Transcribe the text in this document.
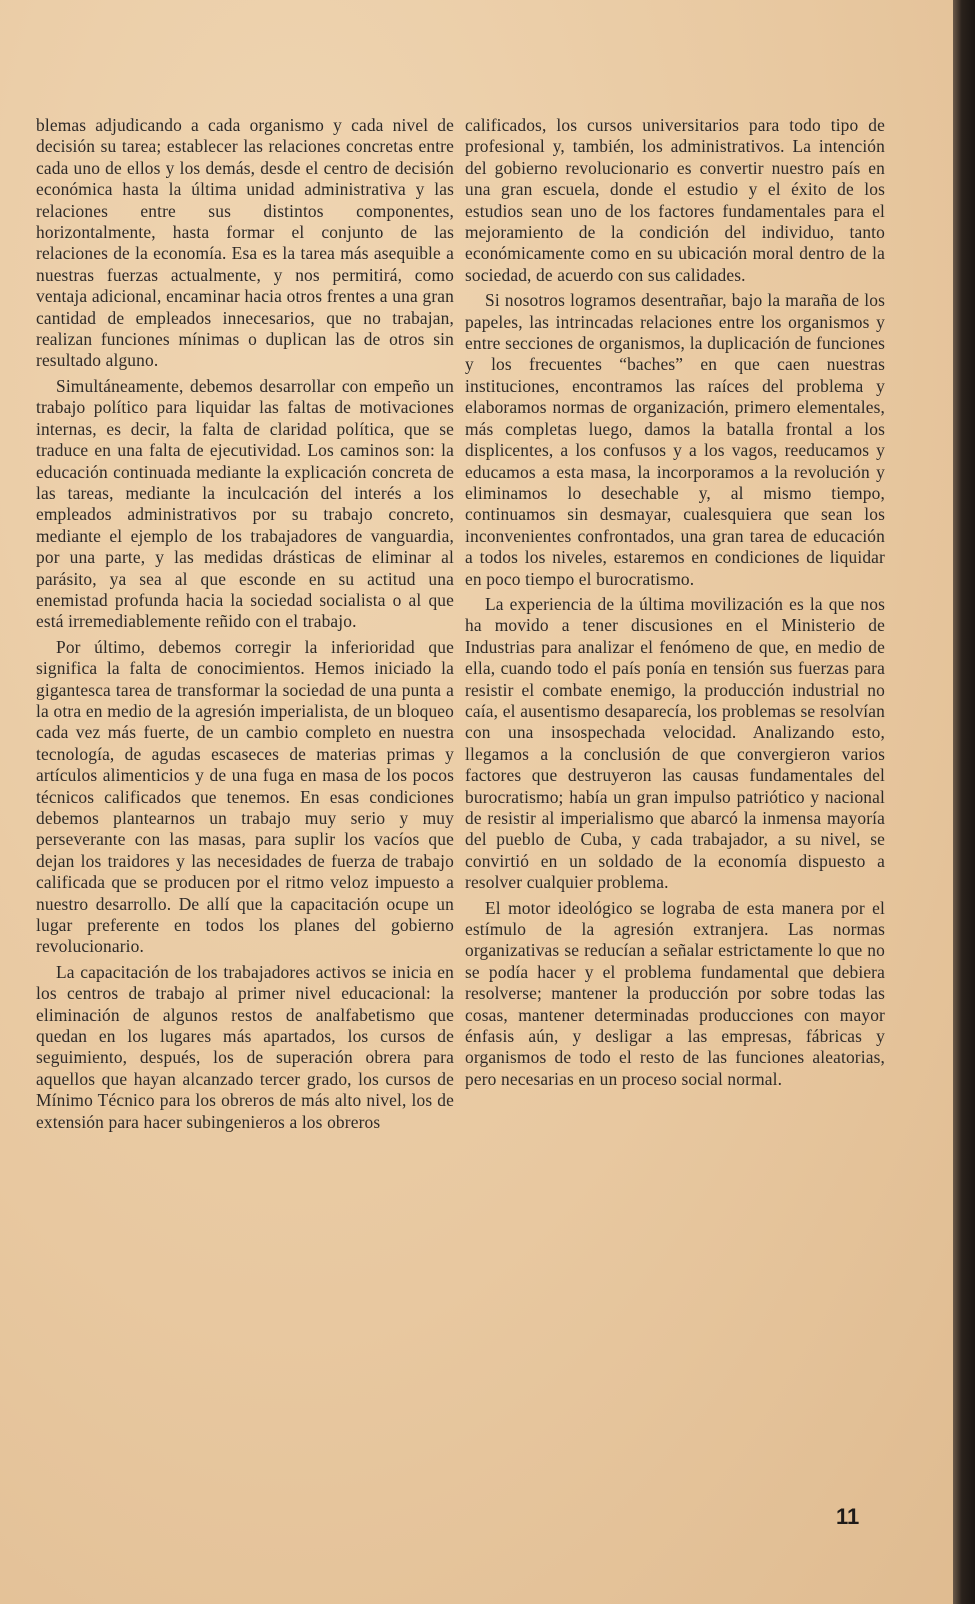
blemas adjudicando a cada organismo y cada nivel de decisión su tarea; establecer las relaciones concretas entre cada uno de ellos y los demás, desde el centro de decisión económica hasta la última unidad administrativa y las relaciones entre sus distintos componentes, horizontalmente, hasta formar el conjunto de las relaciones de la economía. Esa es la tarea más asequible a nuestras fuerzas actualmente, y nos permitirá, como ventaja adicional, encaminar hacia otros frentes a una gran cantidad de empleados innecesarios, que no trabajan, realizan funciones mínimas o duplican las de otros sin resultado alguno.

Simultáneamente, debemos desarrollar con empeño un trabajo político para liquidar las faltas de motivaciones internas, es decir, la falta de claridad política, que se traduce en una falta de ejecutividad. Los caminos son: la educación continuada mediante la explicación concreta de las tareas, mediante la inculcación del interés a los empleados administrativos por su trabajo concreto, mediante el ejemplo de los trabajadores de vanguardia, por una parte, y las medidas drásticas de eliminar al parásito, ya sea al que esconde en su actitud una enemistad profunda hacia la sociedad socialista o al que está irremediablemente reñido con el trabajo.

Por último, debemos corregir la inferioridad que significa la falta de conocimientos. Hemos iniciado la gigantesca tarea de transformar la sociedad de una punta a la otra en medio de la agresión imperialista, de un bloqueo cada vez más fuerte, de un cambio completo en nuestra tecnología, de agudas escaseces de materias primas y artículos alimenticios y de una fuga en masa de los pocos técnicos calificados que tenemos. En esas condiciones debemos plantearnos un trabajo muy serio y muy perseverante con las masas, para suplir los vacíos que dejan los traidores y las necesidades de fuerza de trabajo calificada que se producen por el ritmo veloz impuesto a nuestro desarrollo. De allí que la capacitación ocupe un lugar preferente en todos los planes del gobierno revolucionario.

La capacitación de los trabajadores activos se inicia en los centros de trabajo al primer nivel educacional: la eliminación de algunos restos de analfabetismo que quedan en los lugares más apartados, los cursos de seguimiento, después, los de superación obrera para aquellos que hayan alcanzado tercer grado, los cursos de Mínimo Técnico para los obreros de más alto nivel, los de extensión para hacer subingenieros a los obreros

calificados, los cursos universitarios para todo tipo de profesional y, también, los administrativos. La intención del gobierno revolucionario es convertir nuestro país en una gran escuela, donde el estudio y el éxito de los estudios sean uno de los factores fundamentales para el mejoramiento de la condición del individuo, tanto económicamente como en su ubicación moral dentro de la sociedad, de acuerdo con sus calidades.

Si nosotros logramos desentrañar, bajo la maraña de los papeles, las intrincadas relaciones entre los organismos y entre secciones de organismos, la duplicación de funciones y los frecuentes “baches” en que caen nuestras instituciones, encontramos las raíces del problema y elaboramos normas de organización, primero elementales, más completas luego, damos la batalla frontal a los displicentes, a los confusos y a los vagos, reeducamos y educamos a esta masa, la incorporamos a la revolución y eliminamos lo desechable y, al mismo tiempo, continuamos sin desmayar, cualesquiera que sean los inconvenientes confrontados, una gran tarea de educación a todos los niveles, estaremos en condiciones de liquidar en poco tiempo el burocratismo.

La experiencia de la última movilización es la que nos ha movido a tener discusiones en el Ministerio de Industrias para analizar el fenómeno de que, en medio de ella, cuando todo el país ponía en tensión sus fuerzas para resistir el combate enemigo, la producción industrial no caía, el ausentismo desaparecía, los problemas se resolvían con una insospechada velocidad. Analizando esto, llegamos a la conclusión de que convergieron varios factores que destruyeron las causas fundamentales del burocratismo; había un gran impulso patriótico y nacional de resistir al imperialismo que abarcó la inmensa mayoría del pueblo de Cuba, y cada trabajador, a su nivel, se convirtió en un soldado de la economía dispuesto a resolver cualquier problema.

El motor ideológico se lograba de esta manera por el estímulo de la agresión extranjera. Las normas organizativas se reducían a señalar estrictamente lo que no se podía hacer y el problema fundamental que debiera resolverse; mantener la producción por sobre todas las cosas, mantener determinadas producciones con mayor énfasis aún, y desligar a las empresas, fábricas y organismos de todo el resto de las funciones aleatorias, pero necesarias en un proceso social normal.

11
